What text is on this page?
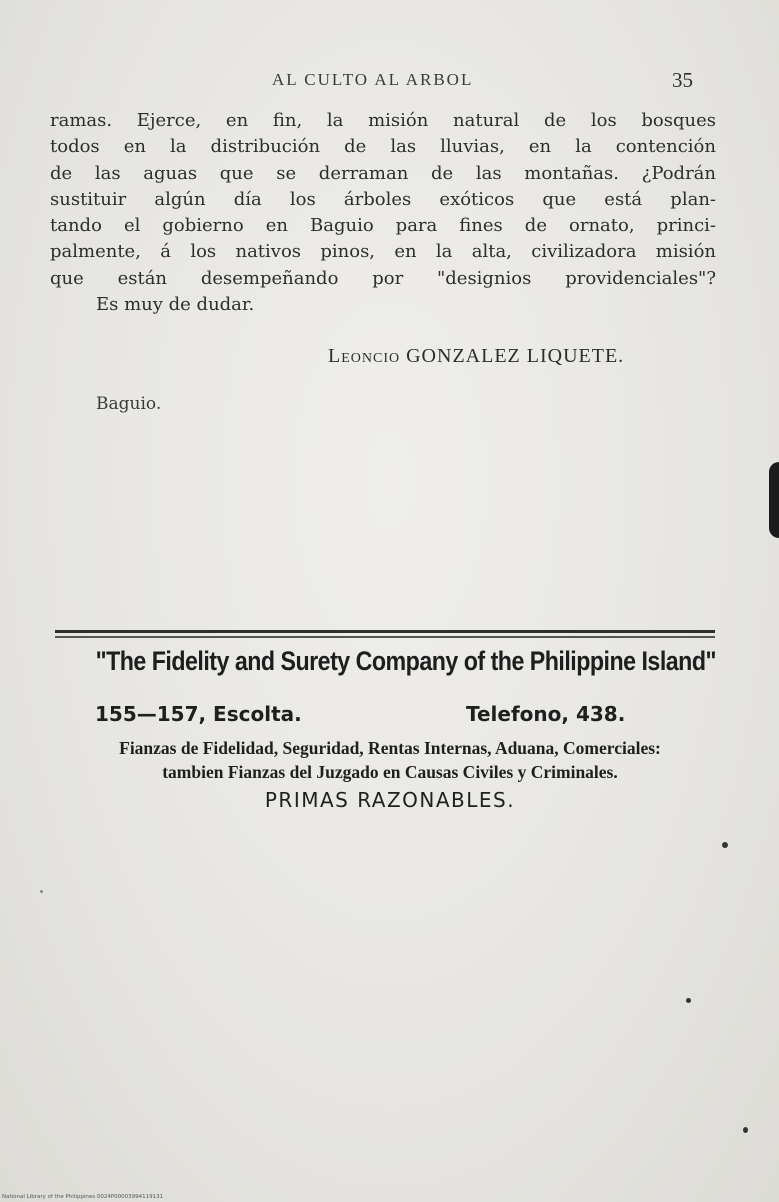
AL CULTO AL ARBOL	35
ramas. Ejerce, en fin, la misión natural de los bosques
todos en la distribución de las lluvias, en la contención
de las aguas que se derraman de las montañas. ¿Podrán
sustituir algún día los árboles exóticos que está plan-
tando el gobierno en Baguio para fines de ornato, princi-
palmente, á los nativos pinos, en la alta, civilizadora misión
que están desempeñando por "designios providenciales"?
Es muy de dudar.
Leoncio GONZALEZ LIQUETE.
Baguio.
"The Fidelity and Surety Company of the Philippine Island"
155—157, Escolta.	Telefono, 438.
Fianzas de Fidelidad, Seguridad, Rentas Internas, Aduana, Comerciales:
tambien Fianzas del Juzgado en Causas Civiles y Criminales.
PRIMAS RAZONABLES.
National Library of the Philippines 0024P00003994119131
